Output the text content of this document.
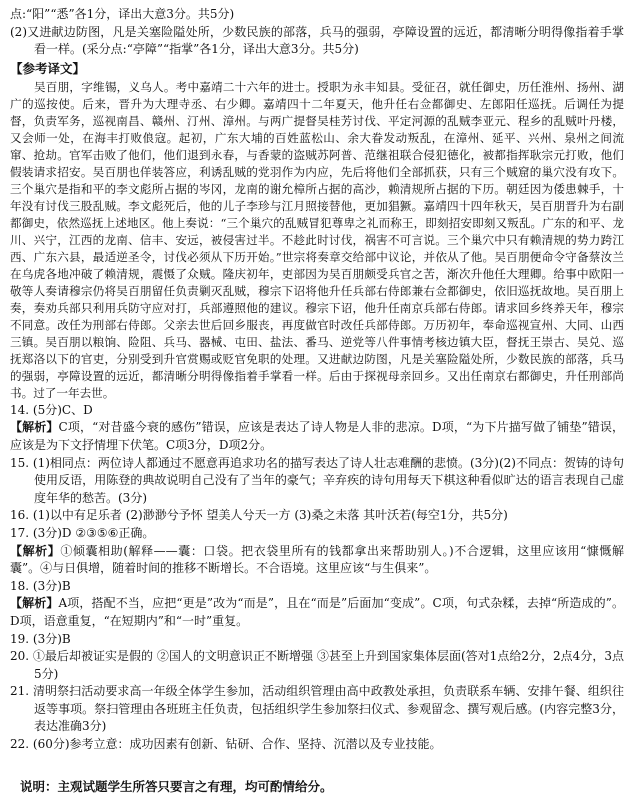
点:“阳”“悉”各1分，译出大意3分。共5分)

(2)又进献边防图，凡是关塞险隘处所，少数民族的部落，兵马的强弱，亭障设置的远近，都清晰分明得像指着手掌看一样。(采分点:“亭障”“指掌”各1分，译出大意3分。共5分)

【参考译文】

吴百朋，字维锡，义乌人。考中嘉靖二十六年的进士。授职为永丰知县。受征召，就任御史，历任淮州、扬州、湖广的巡按使。后来，晋升为大理寺丞、右少卿。嘉靖四十二年夏天，他升任右佥都御史、左郎阳任巡抚。后调任为提督，负责军务，巡视南昌、赣州、汀州、漳州。与两广提督吴桂芳讨伐、平定河源的乱贼李亚元、程乡的乱贼叶丹楼，又会师一处，在海丰打败俍寇。起初，广东大埔的百姓蓝松山、余大眷发动叛乱，在漳州、延平、兴州、泉州之间流窜、抢劫。官军击败了他们，他们退到永春，与香蒙的盗贼苏阿普、范继祖联合侵犯德化，被都指挥耿宗元打败，他们假装请求招安。吴百朋也佯装答应，利诱乱贼的党羽作为内应，先后将他们全部抓获，只有三个贼窟的巢穴没有攻下。三个巢穴是指和平的李文彪所占据的岑冈，龙南的谢允樟所占据的高沙，赖清规所占据的下历。朝廷因为倭患棘手，十年没有讨伐三股乱贼。李文彪死后，他的儿子李珍与江月照接替他，更加猖獗。嘉靖四十四年秋天，吴百朋晋升为右副都御史，依然巡抚上述地区。他上奏说：“三个巢穴的乱贼冒犯尊卑之礼而称王，即刻招安即刻又叛乱。广东的和平、龙川、兴宁，江西的龙南、信丰、安远，被侵害过半。不趁此时讨伐，祸害不可言说。三个巢穴中只有赖清规的势力跨江西、广东六县，最适逆圣令，讨伐必须从下历开始。”世宗将奏章交给部中议论，并依从了他。吴百朋便命令守备蔡汝兰在乌虎各地冲破了赖清规，震慑了众贼。隆庆初年，吏部因为吴百朋颇受兵官之苦，渐次升他任大理卿。给事中欧阳一敬等人奏请穆宗仍将吴百朋留任负责剿灭乱贼，穆宗下诏将他升任兵部右侍郎兼右佥都御史，依旧巡抚故地。吴百朋上奏，奏劝兵部只利用兵防守应对打，兵部遵照他的建议。穆宗下诏，他升任南京兵部右侍郎。请求回乡终养天年，穆宗不同意。改任为刑部右侍郎。父亲去世后回乡服丧，再度做官时改任兵部侍郎。万历初年，奉命巡视宣州、大同、山西三镇。吴百朋以粮饷、险阻、兵马、器械、屯田、盐法、番马、逆党等八件事情考核边镇大臣，督抚王崇古、吴兑、巡抚郑洛以下的官吏，分别受到升官赏赐或贬官免职的处理。又进献边防图，凡是关塞险隘处所，少数民族的部落，兵马的强弱，亭障设置的远近，都清晰分明得像指着手掌看一样。后由于探视母亲回乡。又出任南京右都御史，升任刑部尚书。过了一年去世。

14. (5分)C、D

【解析】C项，“对昔盛今衰的感伤”错误，应该是表达了诗人物是人非的悲凉。D项，“为下片描写做了铺垫”错误，应该是为下文抒情埋下伏笔。C项3分，D项2分。

15. (1)相同点：两位诗人都通过不愿意再追求功名的描写表达了诗人壮志难酬的悲愤。(3分)(2)不同点：贺铸的诗句使用反语，用陈登的典故说明自己没有了当年的豪气；辛弃疾的诗句用每天下棋这种看似旷达的语言表现自己虚度年华的愁苦。(3分)

16. (1)以中有足乐者 (2)渺渺兮予怀 望美人兮天一方 (3)桑之未落 其叶沃若(每空1分，共5分)

17. (3分)D ②③⑤⑥正确。

【解析】①倾囊相助(解释——囊：口袋。把衣袋里所有的钱都拿出来帮助别人。)不合逻辑，这里应该用“慷慨解囊”。④与日俱增，随着时间的推移不断增长。不合语境。这里应该“与生俱来”。

18. (3分)B

【解析】A项，搭配不当，应把“更是”改为“而是”，且在“而是”后面加“变成”。C项，句式杂糅，去掉“所造成的”。D项，语意重复，“在短期内”和“一时”重复。

19. (3分)B

20. ①最后却被证实是假的 ②国人的文明意识正不断增强 ③甚至上升到国家集体层面(答对1点给2分，2点4分，3点5分)

21. 清明祭扫活动要求高一年级全体学生参加，活动组织管理由高中政教处承担，负责联系车辆、安排午餐、组织往返等事项。祭扫管理由各班班主任负责，包括组织学生参加祭扫仪式、参观留念、撰写观后感。(内容完整3分，表达准确3分)

22. (60分)参考立意：成功因素有创新、钻研、合作、坚持、沉潜以及专业技能。

说明：主观试题学生所答只要言之有理，均可酌情给分。
